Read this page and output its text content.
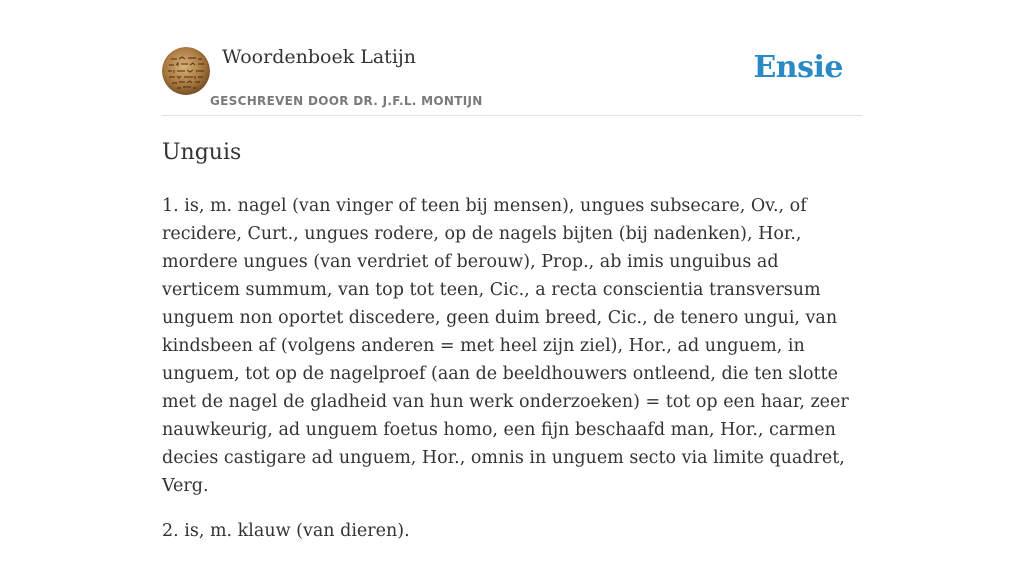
Woordenboek Latijn
GESCHREVEN DOOR DR. J.F.L. MONTIJN
Ensie
Unguis

1. is, m. nagel (van vinger of teen bij mensen), ungues subsecare, Ov., of recidere, Curt., ungues rodere, op de nagels bijten (bij nadenken), Hor., mordere ungues (van verdriet of berouw), Prop., ab imis unguibus ad verticem summum, van top tot teen, Cic., a recta conscientia transversum unguem non oportet discedere, geen duim breed, Cic., de tenero ungui, van kindsbeen af (volgens anderen = met heel zijn ziel), Hor., ad unguem, in unguem, tot op de nagelproef (aan de beeldhouwers ontleend, die ten slotte met de nagel de gladheid van hun werk onderzoeken) = tot op een haar, zeer nauwkeurig, ad unguem foetus homo, een fijn beschaafd man, Hor., carmen decies castigare ad unguem, Hor., omnis in unguem secto via limite quadret, Verg.

2. is, m. klauw (van dieren).
